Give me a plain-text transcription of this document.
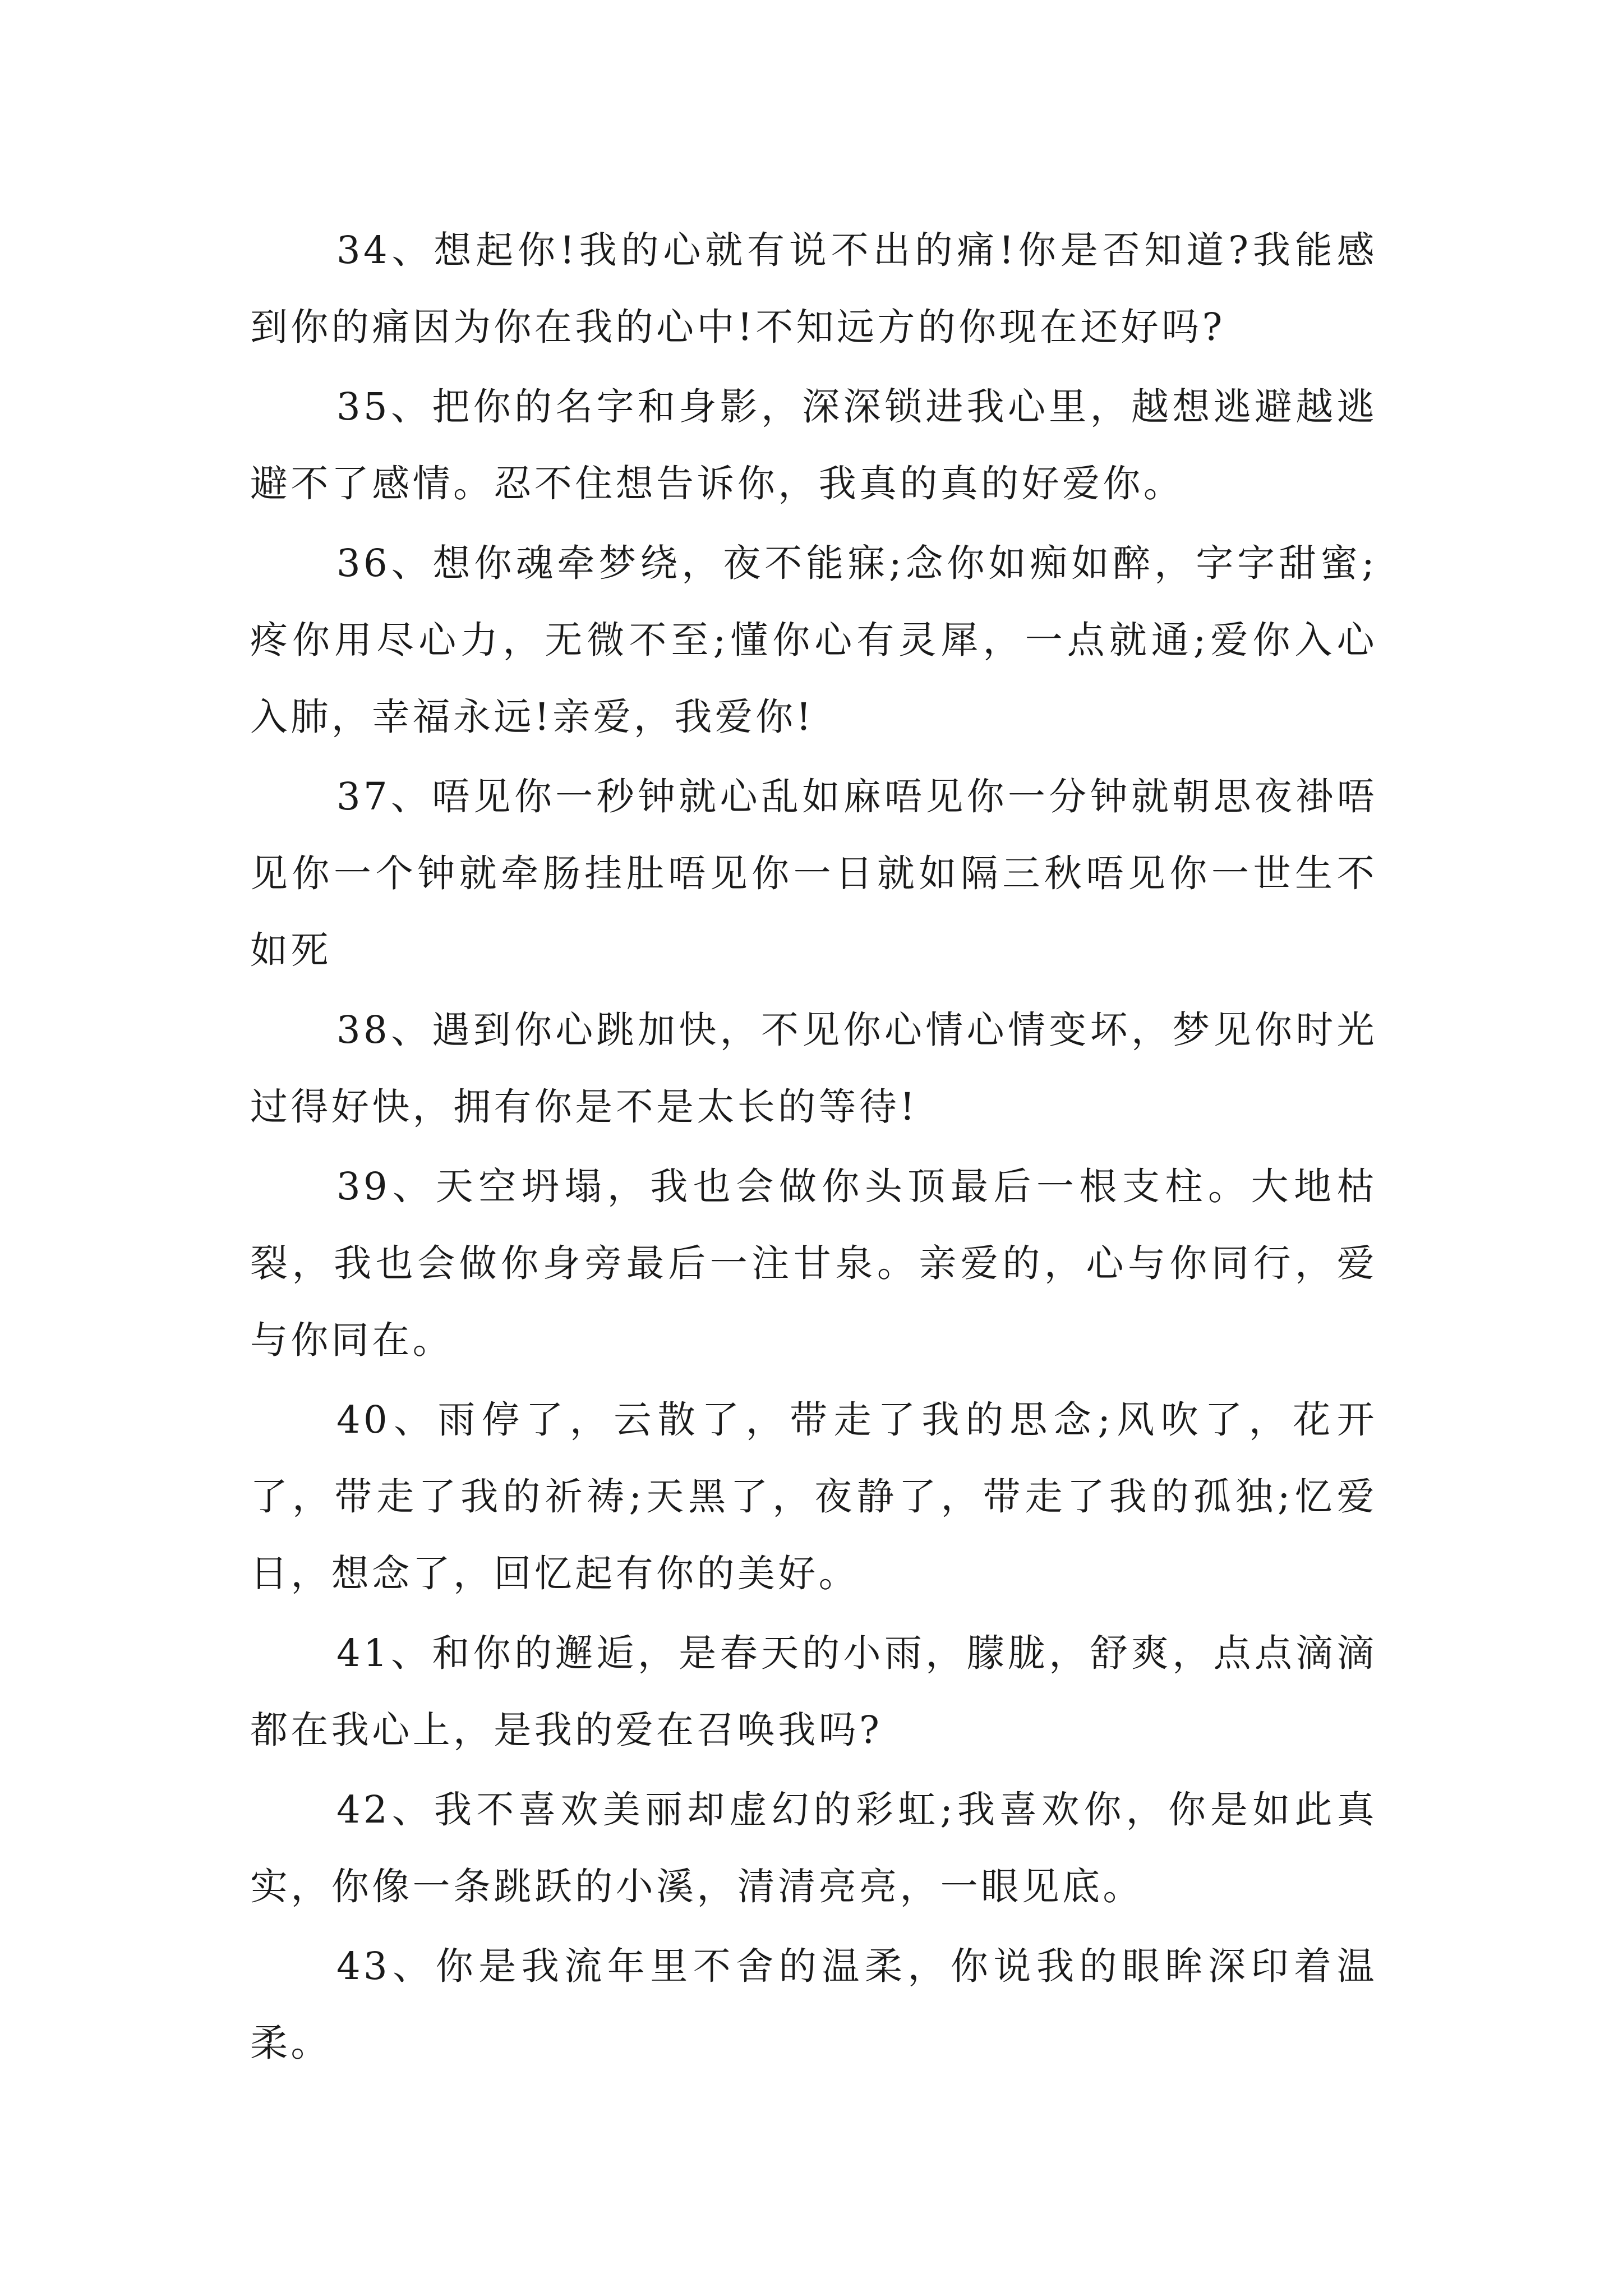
34、想起你!我的心就有说不出的痛!你是否知道?我能感到你的痛因为你在我的心中!不知远方的你现在还好吗?

35、把你的名字和身影，深深锁进我心里，越想逃避越逃避不了感情。忍不住想告诉你，我真的真的好爱你。

36、想你魂牵梦绕，夜不能寐;念你如痴如醉，字字甜蜜;疼你用尽心力，无微不至;懂你心有灵犀，一点就通;爱你入心入肺，幸福永远!亲爱，我爱你!

37、唔见你一秒钟就心乱如麻唔见你一分钟就朝思夜褂唔见你一个钟就牵肠挂肚唔见你一日就如隔三秋唔见你一世生不如死

38、遇到你心跳加快，不见你心情心情变坏，梦见你时光过得好快，拥有你是不是太长的等待!

39、天空坍塌，我也会做你头顶最后一根支柱。大地枯裂，我也会做你身旁最后一注甘泉。亲爱的，心与你同行，爱与你同在。

40、雨停了，云散了，带走了我的思念;风吹了，花开了，带走了我的祈祷;天黑了，夜静了，带走了我的孤独;忆爱日，想念了，回忆起有你的美好。

41、和你的邂逅，是春天的小雨，朦胧，舒爽，点点滴滴都在我心上，是我的爱在召唤我吗?

42、我不喜欢美丽却虚幻的彩虹;我喜欢你，你是如此真实，你像一条跳跃的小溪，清清亮亮，一眼见底。

43、你是我流年里不舍的温柔，你说我的眼眸深印着温柔。
